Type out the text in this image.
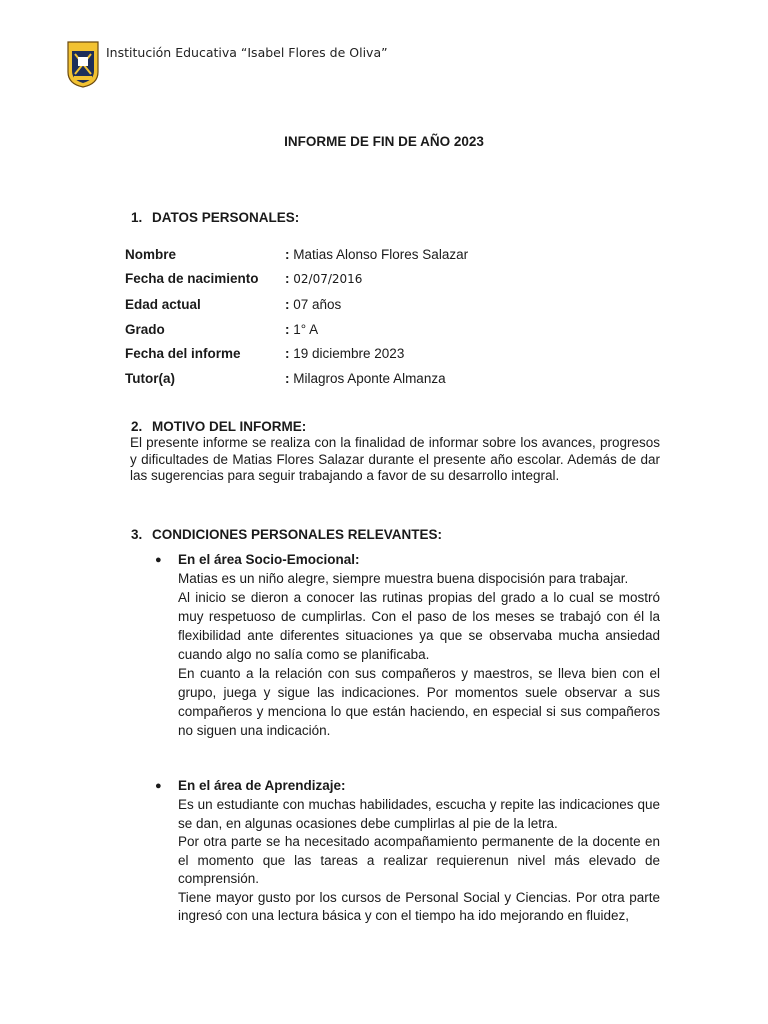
Institución Educativa “Isabel Flores de Oliva”
INFORME DE FIN DE AÑO 2023
1. DATOS PERSONALES:
Nombre	: Matias Alonso Flores Salazar
Fecha de nacimiento : 02/07/2016
Edad actual	: 07 años
Grado	: 1° A
Fecha del informe	: 19 diciembre 2023
Tutor(a)	: Milagros Aponte Almanza
2. MOTIVO DEL INFORME:
El presente informe se realiza con la finalidad de informar sobre los avances, progresos y dificultades de Matias Flores Salazar durante el presente año escolar. Además de dar las sugerencias para seguir trabajando a favor de su desarrollo integral.
3. CONDICIONES PERSONALES RELEVANTES:
● En el área Socio-Emocional:

Matias es un niño alegre, siempre muestra buena dispocisión para trabajar.

Al inicio se dieron a conocer las rutinas propias del grado a lo cual se mostró muy respetuoso de cumplirlas. Con el paso de los meses se trabajó con él la flexibilidad ante diferentes situaciones ya que se observaba mucha ansiedad cuando algo no salía como se planificaba.

En cuanto a la relación con sus compañeros y maestros, se lleva bien con el grupo, juega y sigue las indicaciones. Por momentos suele observar a sus compañeros y menciona lo que están haciendo, en especial si sus compañeros no siguen una indicación.

● En el área de Aprendizaje:

Es un estudiante con muchas habilidades, escucha y repite las indicaciones que se dan, en algunas ocasiones debe cumplirlas al pie de la letra.

Por otra parte se ha necesitado acompañamiento permanente de la docente en el momento que las tareas a realizar requierenun nivel más elevado de comprensión.

Tiene mayor gusto por los cursos de Personal Social y Ciencias. Por otra parte ingresó con una lectura básica y con el tiempo ha ido mejorando en fluidez,
